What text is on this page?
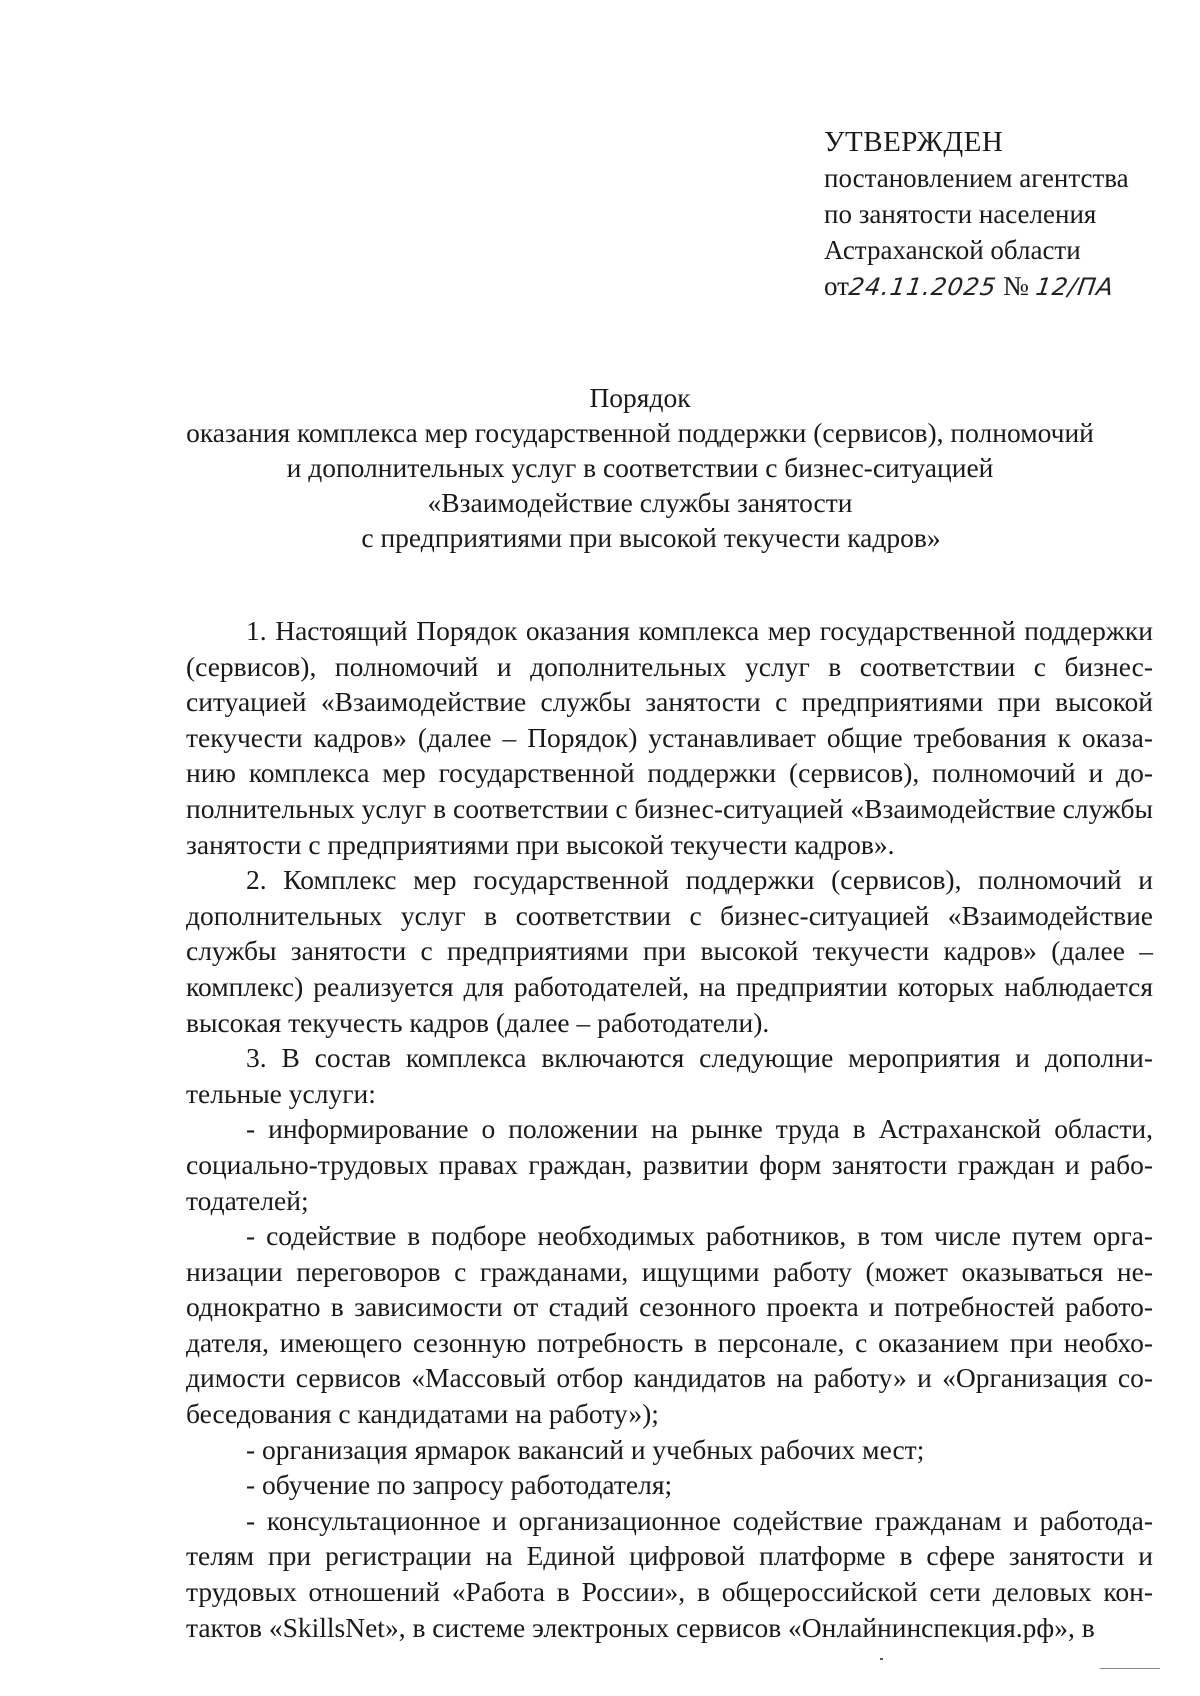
УТВЕРЖДЕН
постановлением агентства
по занятости населения
Астраханской области
от24.11.2025 № 12/ПА
Порядок
оказания комплекса мер государственной поддержки (сервисов), полномочий
и дополнительных услуг в соответствии с бизнес-ситуацией
«Взаимодействие службы занятости
с предприятиями при высокой текучести кадров»

1. Настоящий Порядок оказания комплекса мер государственной поддержки (сервисов), полномочий и дополнительных услуг в соответствии с бизнес-ситуацией «Взаимодействие службы занятости с предприятиями при высокой текучести кадров» (далее – Порядок) устанавливает общие требования к оказанию комплекса мер государственной поддержки (сервисов), полномочий и дополнительных услуг в соответствии с бизнес-ситуацией «Взаимодействие службы занятости с предприятиями при высокой текучести кадров».

2. Комплекс мер государственной поддержки (сервисов), полномочий и дополнительных услуг в соответствии с бизнес-ситуацией «Взаимодействие службы занятости с предприятиями при высокой текучести кадров» (далее – комплекс) реализуется для работодателей, на предприятии которых наблюдается высокая текучесть кадров (далее – работодатели).

3. В состав комплекса включаются следующие мероприятия и дополнительные услуги:

- информирование о положении на рынке труда в Астраханской области, социально-трудовых правах граждан, развитии форм занятости граждан и работодателей;

- содействие в подборе необходимых работников, в том числе путем организации переговоров с гражданами, ищущими работу (может оказываться неоднократно в зависимости от стадий сезонного проекта и потребностей работодателя, имеющего сезонную потребность в персонале, с оказанием при необходимости сервисов «Массовый отбор кандидатов на работу» и «Организация собеседования с кандидатами на работу»);

- организация ярмарок вакансий и учебных рабочих мест;

- обучение по запросу работодателя;

- консультационное и организационное содействие гражданам и работодателям при регистрации на Единой цифровой платформе в сфере занятости и трудовых отношений «Работа в России», в общероссийской сети деловых контактов «SkillsNet», в системе электроных сервисов «Онлайнинспекция.рф», в
